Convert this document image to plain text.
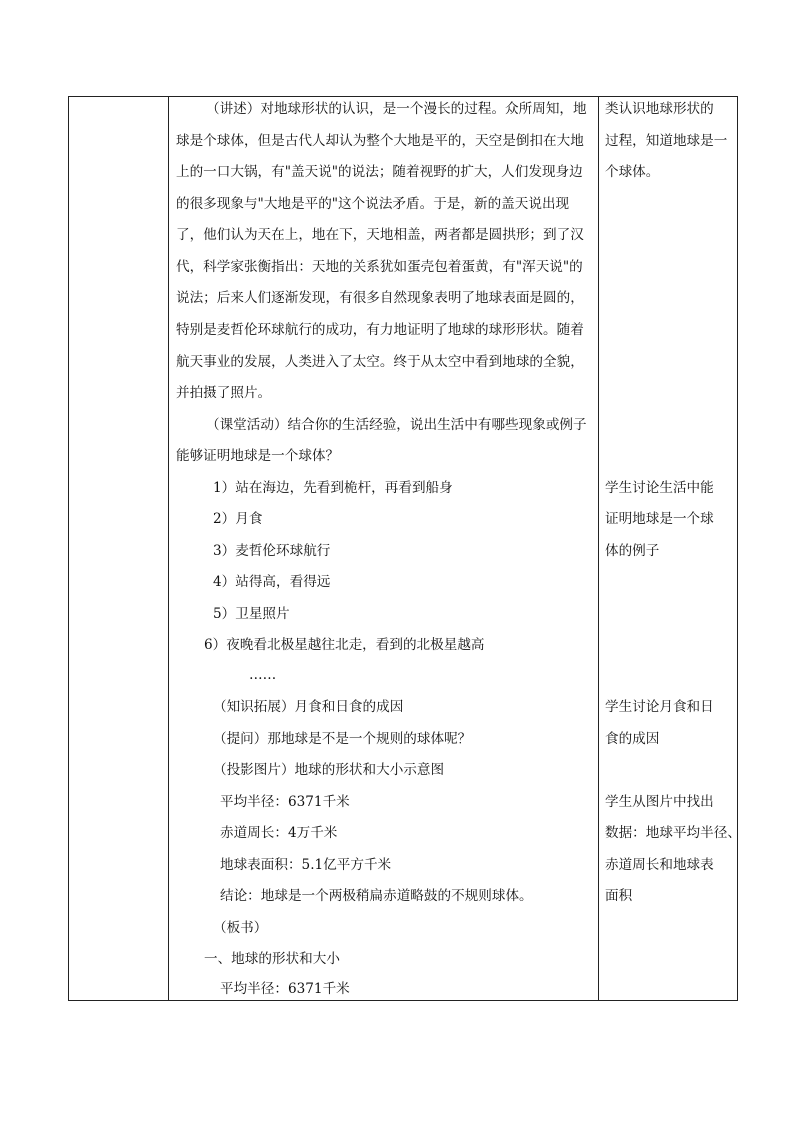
（讲述）对地球形状的认识，是一个漫长的过程。众所周知，地
球是个球体，但是古代人却认为整个大地是平的，天空是倒扣在大地
上的一口大锅，有"盖天说"的说法；随着视野的扩大，人们发现身边
的很多现象与"大地是平的"这个说法矛盾。于是，新的盖天说出现
了，他们认为天在上，地在下，天地相盖，两者都是圆拱形；到了汉
代，科学家张衡指出：天地的关系犹如蛋壳包着蛋黄，有"浑天说"的
说法；后来人们逐渐发现，有很多自然现象表明了地球表面是圆的，
特别是麦哲伦环球航行的成功，有力地证明了地球的球形形状。随着
航天事业的发展，人类进入了太空。终于从太空中看到地球的全貌，
并拍摄了照片。
（课堂活动）结合你的生活经验，说出生活中有哪些现象或例子
能够证明地球是一个球体？
1）站在海边，先看到桅杆，再看到船身
2）月食
3）麦哲伦环球航行
4）站得高，看得远
5）卫星照片
6）夜晚看北极星越往北走，看到的北极星越高
……
（知识拓展）月食和日食的成因
（提问）那地球是不是一个规则的球体呢？
（投影图片）地球的形状和大小示意图
平均半径：6371千米
赤道周长：4万千米
地球表面积：5.1亿平方千米
结论：地球是一个两极稍扁赤道略鼓的不规则球体。
（板书）
一、地球的形状和大小
平均半径：6371千米
类认识地球形状的
过程，知道地球是一
个球体。
学生讨论生活中能
证明地球是一个球
体的例子
学生讨论月食和日
食的成因
学生从图片中找出
数据：地球平均半径、
赤道周长和地球表
面积
